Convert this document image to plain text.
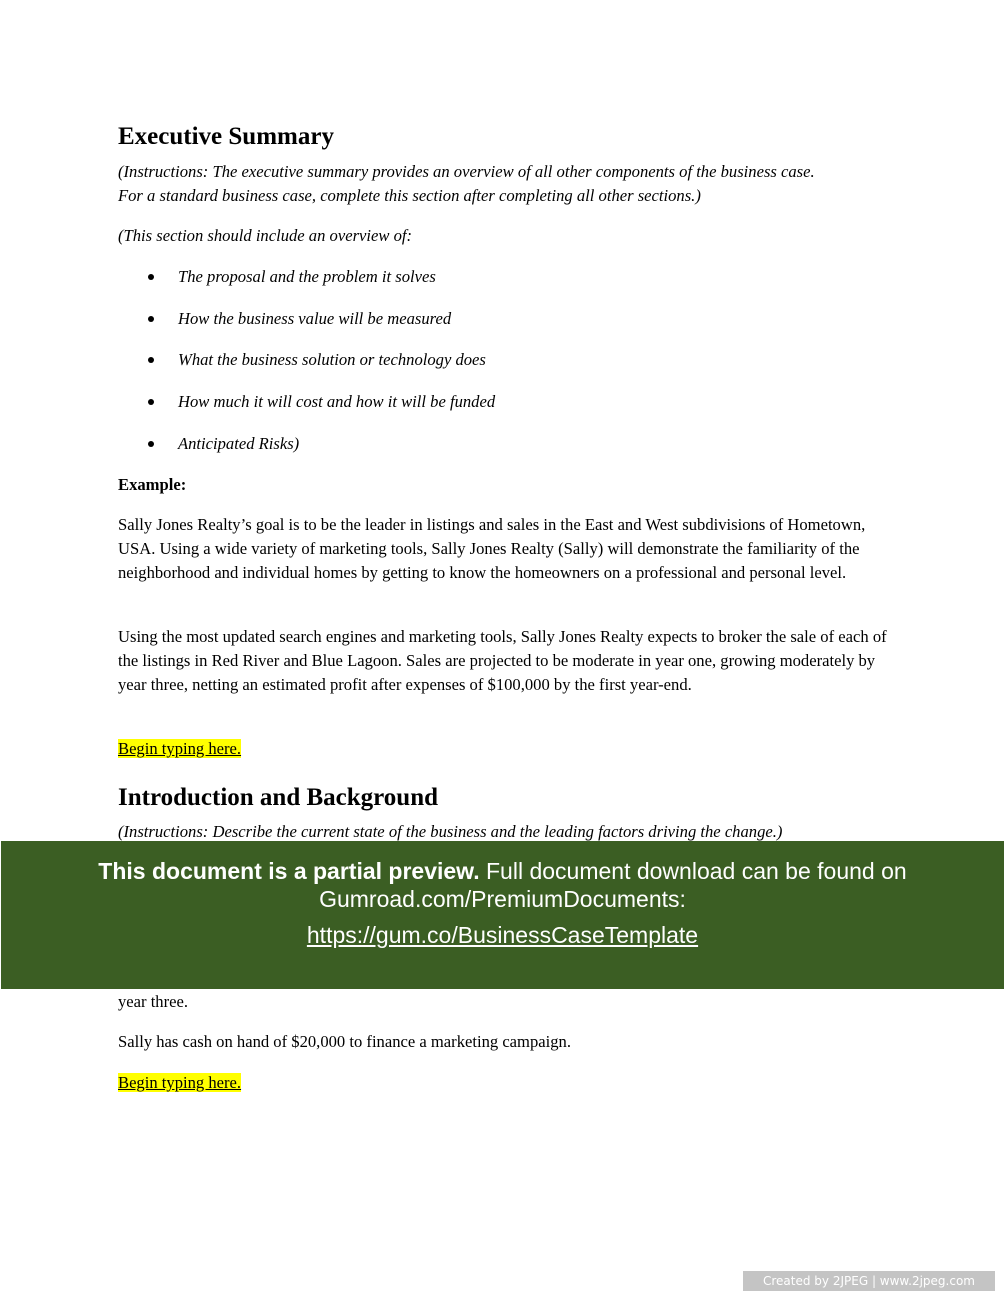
Executive Summary

(Instructions: The executive summary provides an overview of all other components of the business case.

For a standard business case, complete this section after completing all other sections.)

(This section should include an overview of:

The proposal and the problem it solves
How the business value will be measured
What the business solution or technology does
How much it will cost and how it will be funded
Anticipated Risks)

Example:

Sally Jones Realty’s goal is to be the leader in listings and sales in the East and West subdivisions of Hometown, USA. Using a wide variety of marketing tools, Sally Jones Realty (Sally) will demonstrate the familiarity of the neighborhood and individual homes by getting to know the homeowners on a professional and personal level.

Using the most updated search engines and marketing tools, Sally Jones Realty expects to broker the sale of each of the listings in Red River and Blue Lagoon. Sales are projected to be moderate in year one, growing moderately by year three, netting an estimated profit after expenses of $100,000 by the first year-end.

Begin typing here.
Introduction and Background

(Instructions: Describe the current state of the business and the leading factors driving the change.)

year three.

Sally has cash on hand of $20,000 to finance a marketing campaign.

Begin typing here.
This document is a partial preview. Full document download can be found on
Gumroad.com/PremiumDocuments:
https://gum.co/BusinessCaseTemplate
Created by 2JPEG | www.2jpeg.com
